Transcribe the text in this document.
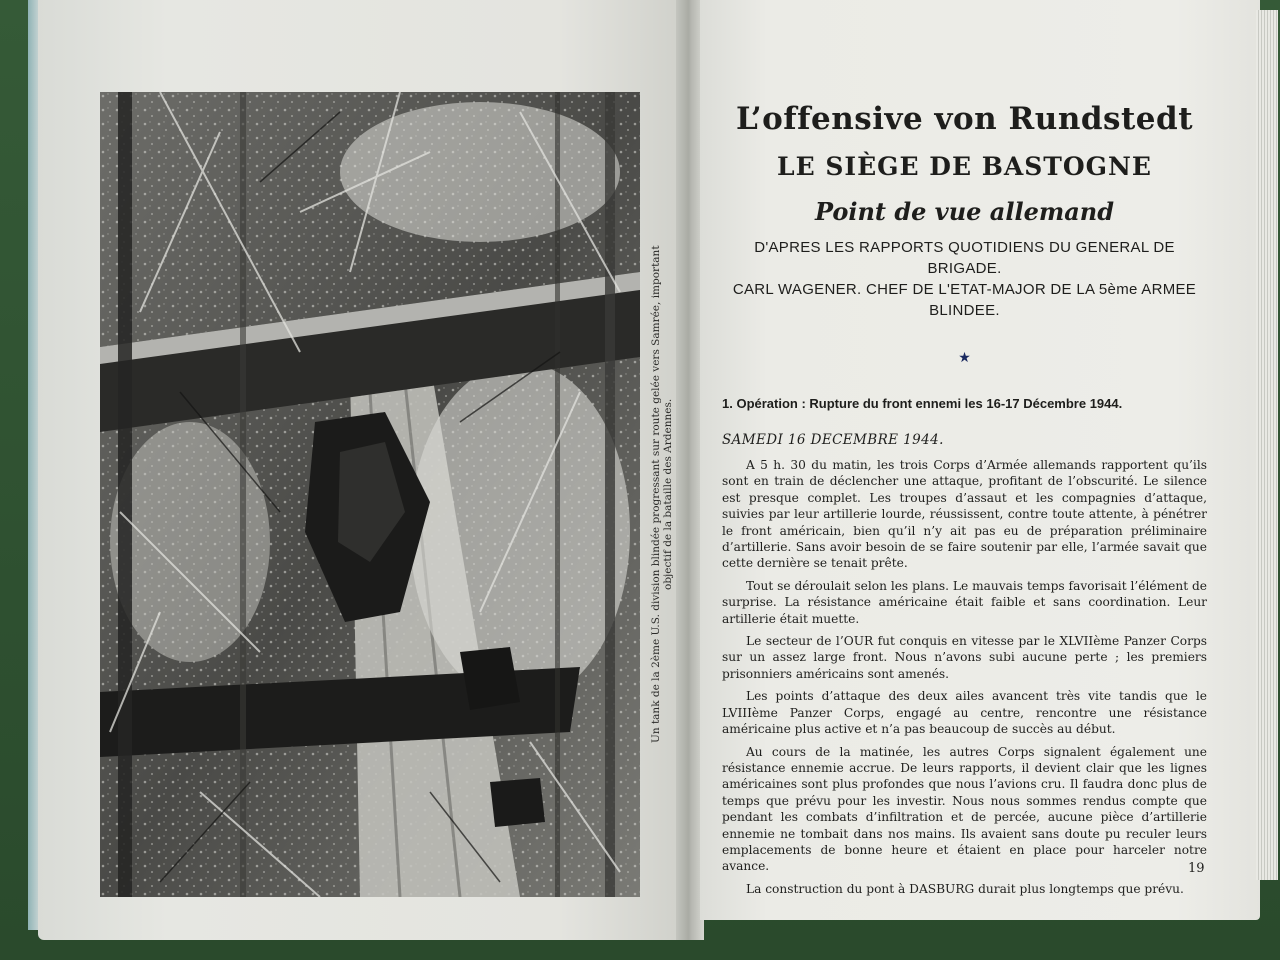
Un tank de la 2ème U.S. division blindée progressant sur route gelée vers Samrée, important objectif de la bataille des Ardennes.
L’offensive von Rundstedt
LE SIÈGE DE BASTOGNE
Point de vue allemand
D'APRES LES RAPPORTS QUOTIDIENS DU GENERAL DE BRIGADE.
CARL WAGENER. CHEF DE L'ETAT-MAJOR DE LA 5ème ARMEE
BLINDEE.
★
1. Opération : Rupture du front ennemi les 16-17 Décembre 1944.
SAMEDI 16 DECEMBRE 1944.

A 5 h. 30 du matin, les trois Corps d’Armée allemands rapportent qu’ils sont en train de déclencher une attaque, profitant de l’obscurité. Le silence est presque complet. Les troupes d’assaut et les compagnies d’attaque, suivies par leur artillerie lourde, réussissent, contre toute attente, à pénétrer le front américain, bien qu’il n’y ait pas eu de préparation préliminaire d’artillerie. Sans avoir besoin de se faire soutenir par elle, l’armée savait que cette dernière se tenait prête.

Tout se déroulait selon les plans. Le mauvais temps favorisait l’élément de surprise. La résistance américaine était faible et sans coordination. Leur artillerie était muette.

Le secteur de l’OUR fut conquis en vitesse par le XLVIIème Panzer Corps sur un assez large front. Nous n’avons subi aucune perte ; les premiers prisonniers américains sont amenés.

Les points d’attaque des deux ailes avancent très vite tandis que le LVIIIème Panzer Corps, engagé au centre, rencontre une résistance américaine plus active et n’a pas beaucoup de succès au début.

Au cours de la matinée, les autres Corps signalent également une résistance ennemie accrue. De leurs rapports, il devient clair que les lignes américaines sont plus profondes que nous l’avions cru. Il faudra donc plus de temps que prévu pour les investir. Nous nous sommes rendus compte que pendant les combats d’infiltration et de percée, aucune pièce d’artillerie ennemie ne tombait dans nos mains. Ils avaient sans doute pu reculer leurs emplacements de bonne heure et étaient en place pour harceler notre avance.

La construction du pont à DASBURG durait plus longtemps que prévu.

19
